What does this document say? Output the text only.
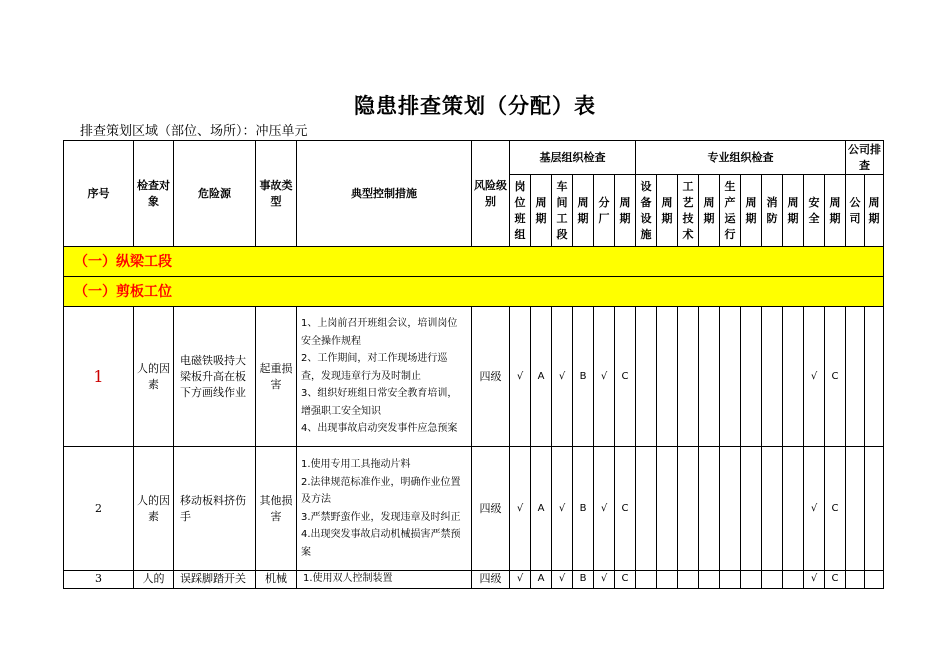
隐患排查策划（分配）表
排查策划区域（部位、场所）：冲压单元
序号	检查对象	危险源	事故类型	典型控制措施	风险级别	基层组织检查						专业组织检查										公司排查	
						岗位班组	周期	车间工段	周期	分厂	周期	设备设施	周期	工艺技术	周期	生产运行	周期	消防	周期	安全	周期	公司	周期
（一）纵梁工段																							
（一）剪板工位																							
1	人的因素	电磁铁吸持大梁板升高在板下方画线作业	起重损害	1、上岗前召开班组会议，培训岗位安全操作规程
2、工作期间，对工作现场进行巡查，发现违章行为及时制止
3、组织好班组日常安全教育培训，增强职工安全知识
4、出现事故启动突发事件应急预案	四级	√	A	√	B	√	C									√	C		
2	人的因素	移动板料挤伤手	其他损害	1.使用专用工具拖动片料
2.法律规范标准作业，明确作业位置及方法
3.严禁野蛮作业，发现违章及时纠正
4.出现突发事故启动机械损害严禁预案	四级	√	A	√	B	√	C									√	C		
3	人的	误踩脚踏开关	机械	1.使用双人控制装置	四级	√	A	√	B	√	C									√	C		
